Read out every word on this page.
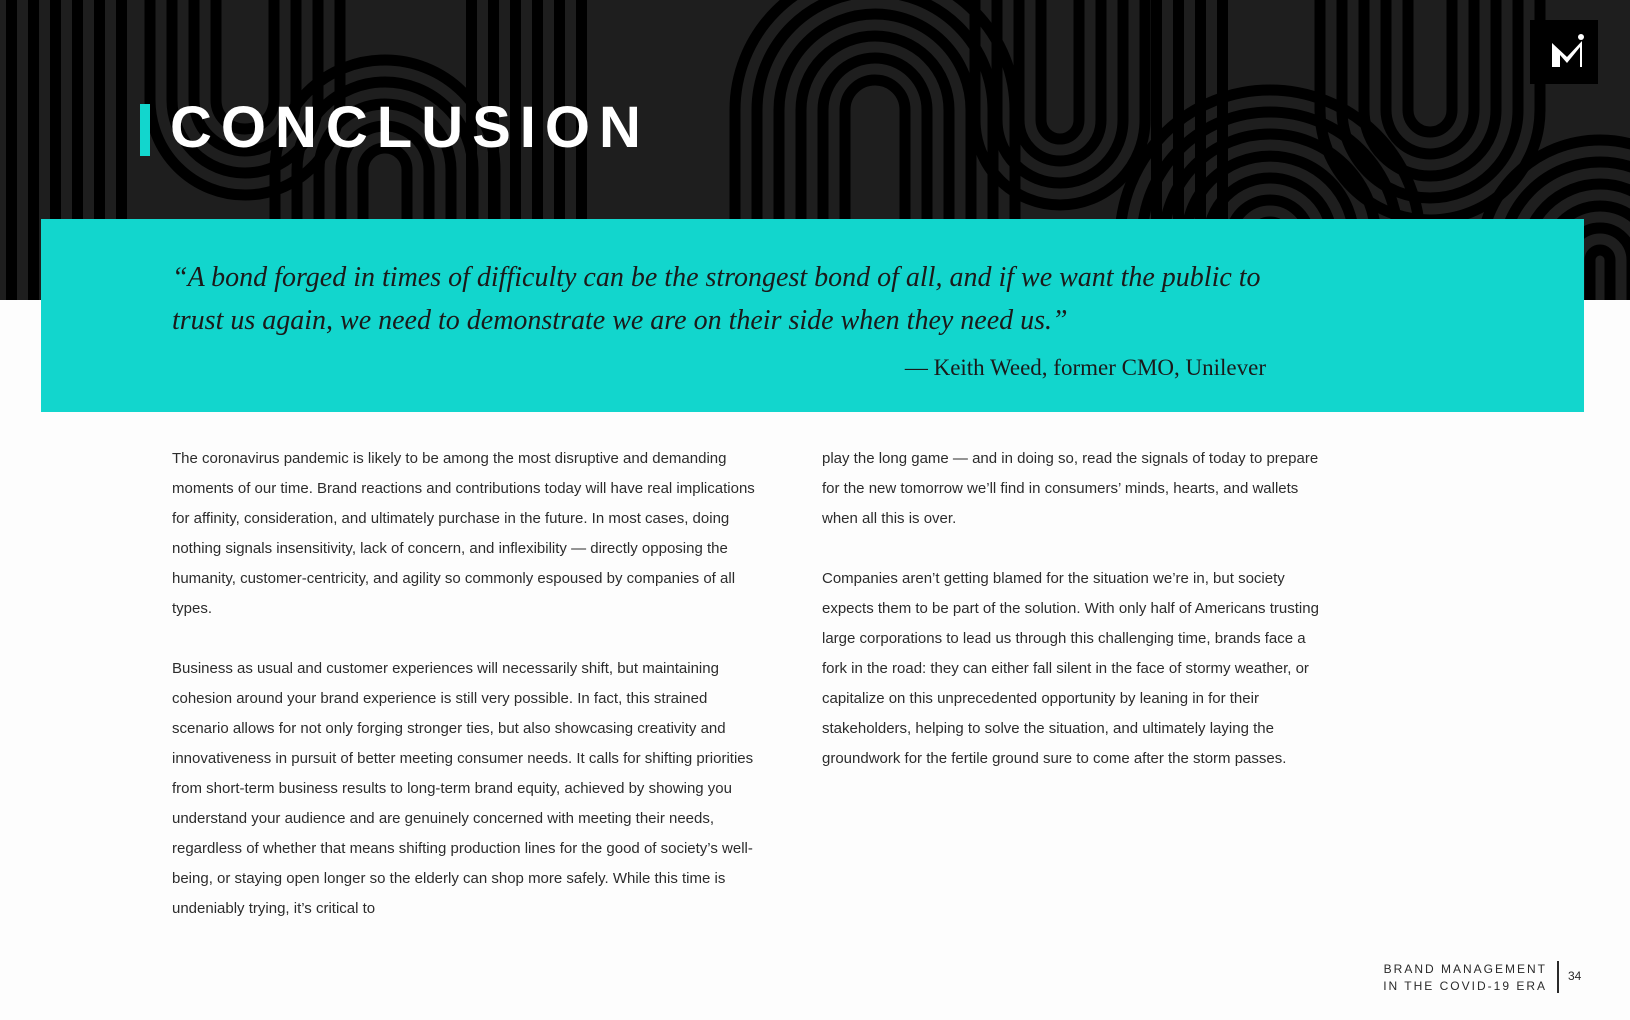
CONCLUSION

“A bond forged in times of difficulty can be the strongest bond of all, and if we want the public to trust us again, we need to demonstrate we are on their side when they need us.”

— Keith Weed, former CMO, Unilever

The coronavirus pandemic is likely to be among the most disruptive and demanding moments of our time. Brand reactions and contributions today will have real implications for affinity, consideration, and ultimately purchase in the future. In most cases, doing nothing signals insensitivity, lack of concern, and inflexibility — directly opposing the humanity, customer-centricity, and agility so commonly espoused by companies of all types.

Business as usual and customer experiences will necessarily shift, but maintaining cohesion around your brand experience is still very possible. In fact, this strained scenario allows for not only forging stronger ties, but also showcasing creativity and innovativeness in pursuit of better meeting consumer needs. It calls for shifting priorities from short-term business results to long-term brand equity, achieved by showing you understand your audience and are genuinely concerned with meeting their needs, regardless of whether that means shifting production lines for the good of society’s well-being, or staying open longer so the elderly can shop more safely. While this time is undeniably trying, it’s critical to

play the long game — and in doing so, read the signals of today to prepare for the new tomorrow we’ll find in consumers’ minds, hearts, and wallets when all this is over.

Companies aren’t getting blamed for the situation we’re in, but society expects them to be part of the solution. With only half of Americans trusting large corporations to lead us through this challenging time, brands face a fork in the road: they can either fall silent in the face of stormy weather, or capitalize on this unprecedented opportunity by leaning in for their stakeholders, helping to solve the situation, and ultimately laying the groundwork for the fertile ground sure to come after the storm passes.

BRAND MANAGEMENT
IN THE COVID-19 ERA
34
